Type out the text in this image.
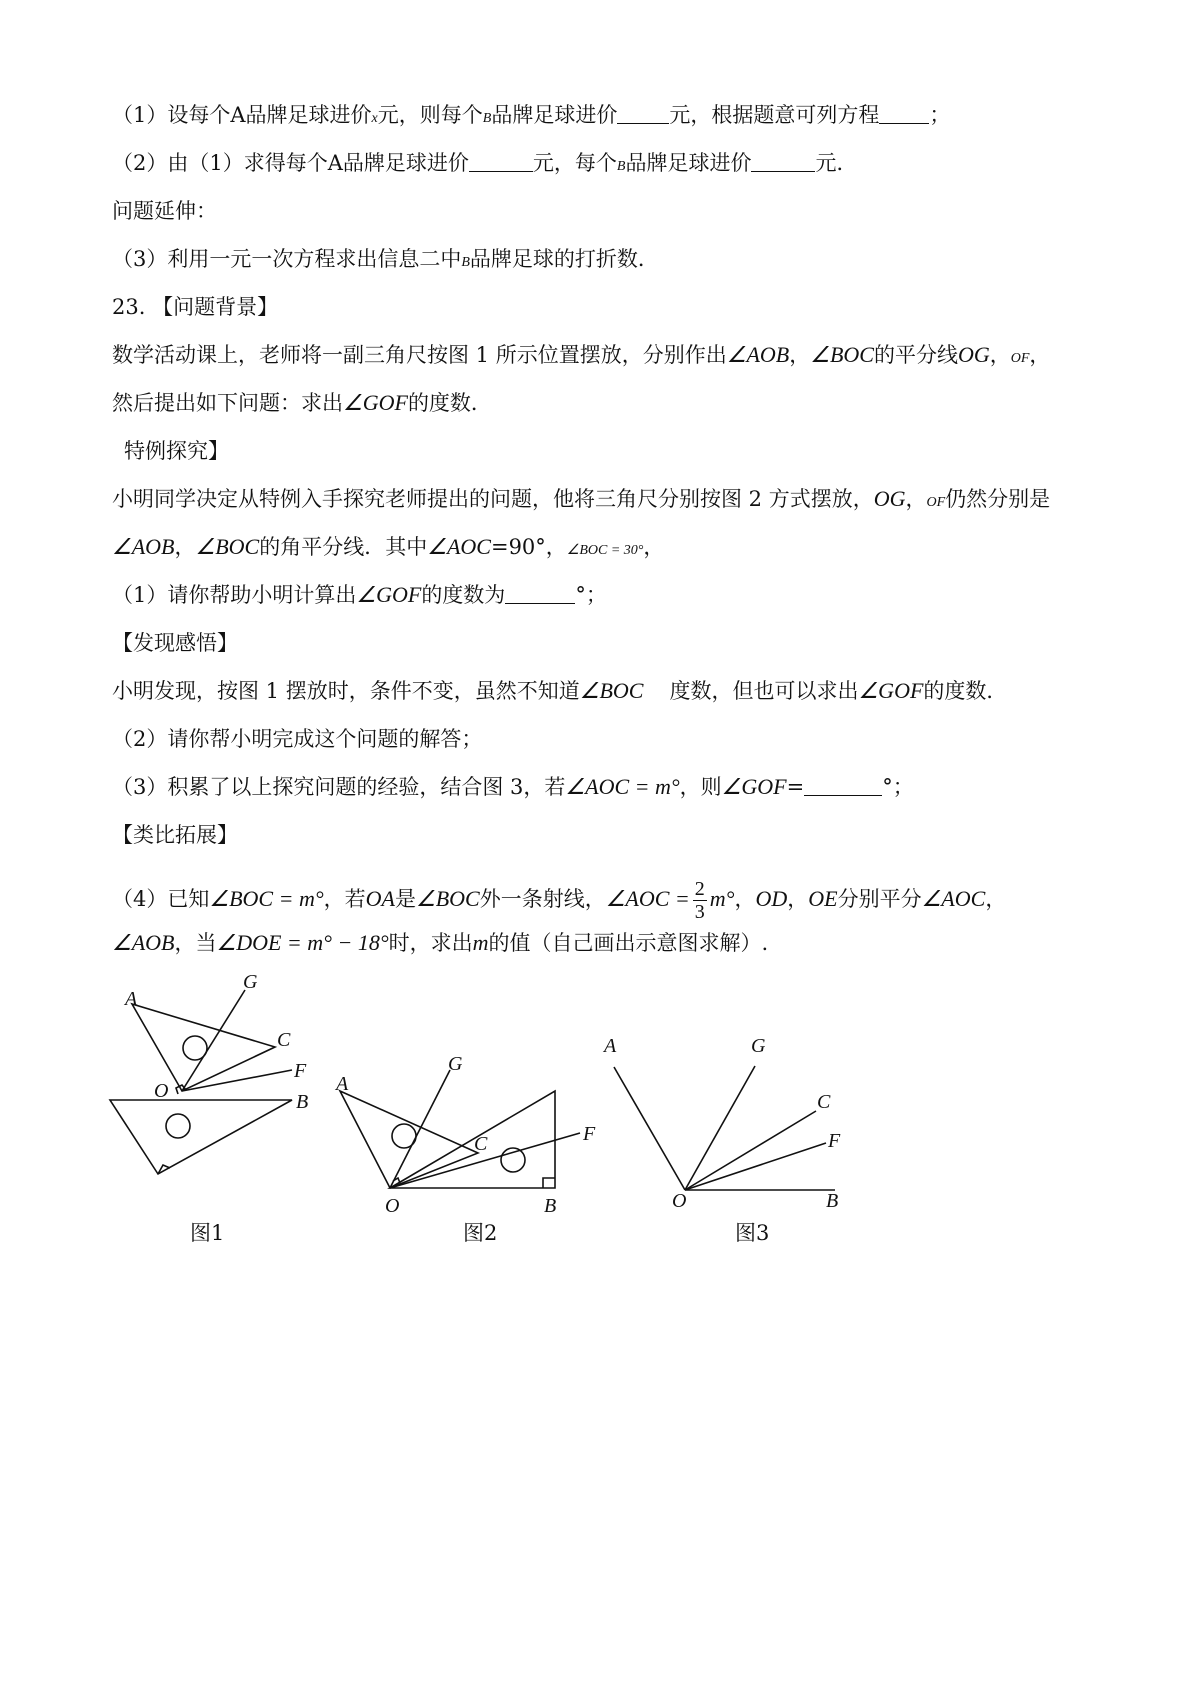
（1）设每个A品牌足球进价x元，则每个B品牌足球进价 元，根据题意可列方程 ；
（2）由（1）求得每个A品牌足球进价	元，每个B品牌足球进价	元．
问题延伸：
（3）利用一元一次方程求出信息二中B品牌足球的打折数．
23. 【问题背景】
数学活动课上，老师将一副三角尺按图 1 所示位置摆放，分别作出∠AOB，∠BOC的平分线OG，OF，
然后提出如下问题：求出∠GOF的度数．
特例探究】
小明同学决定从特例入手探究老师提出的问题，他将三角尺分别按图 2 方式摆放，OG，OF仍然分别是
∠AOB，∠BOC的角平分线．其中∠AOC=90°，∠BOC = 30°，
（1）请你帮助小明计算出∠GOF的度数为	°；
【发现感悟】
小明发现，按图 1 摆放时，条件不变，虽然不知道∠BOC 度数，但也可以求出∠GOF的度数．
（2）请你帮小明完成这个问题的解答；
（3）积累了以上探究问题的经验，结合图 3，若∠AOC = m°，则∠GOF=	°；
【类比拓展】
（4）已知∠BOC = m°，若OA是∠BOC外一条射线，∠AOC = $\frac{2}{3} m^\circ$，OD，OE分别平分∠AOC，
∠AOB，当∠DOE = m° − 18°时，求出m的值（自己画出示意图求解）.
A
G
C
F
O	B
A
G
C	F
O	B
A	G
C
F
O	B
图1	图2	图3
